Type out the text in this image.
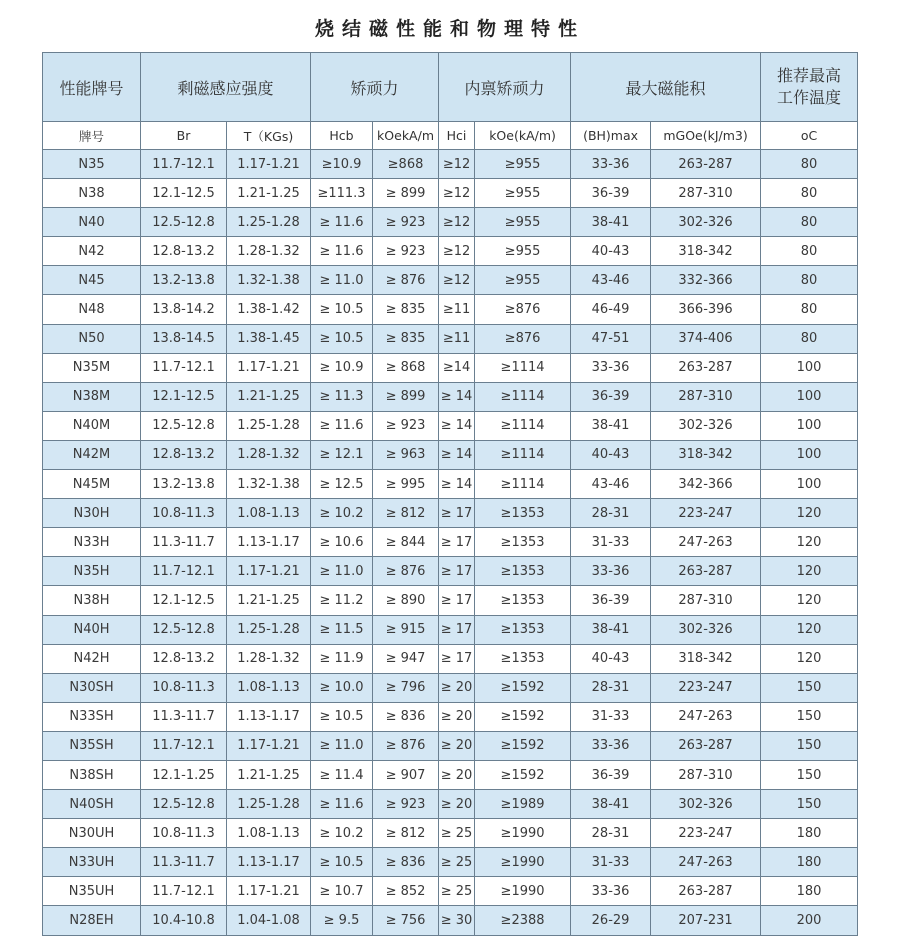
烧结磁性能和物理特性
性能牌号	剩磁感应强度		矫顽力		内禀矫顽力		最大磁能积		推荐最高
工作温度
牌号	Br	T（KGs)	Hcb	kOekA/m	Hci	kOe(kA/m)	(BH)max	mGOe(kJ/m3)	oC
N35	11.7-12.1	1.17-1.21	≥10.9	≥868	≥12	≥955	33-36	263-287	80
N38	12.1-12.5	1.21-1.25	≥111.3	≥ 899	≥12	≥955	36-39	287-310	80
N40	12.5-12.8	1.25-1.28	≥ 11.6	≥ 923	≥12	≥955	38-41	302-326	80
N42	12.8-13.2	1.28-1.32	≥ 11.6	≥ 923	≥12	≥955	40-43	318-342	80
N45	13.2-13.8	1.32-1.38	≥ 11.0	≥ 876	≥12	≥955	43-46	332-366	80
N48	13.8-14.2	1.38-1.42	≥ 10.5	≥ 835	≥11	≥876	46-49	366-396	80
N50	13.8-14.5	1.38-1.45	≥ 10.5	≥ 835	≥11	≥876	47-51	374-406	80
N35M	11.7-12.1	1.17-1.21	≥ 10.9	≥ 868	≥14	≥1114	33-36	263-287	100
N38M	12.1-12.5	1.21-1.25	≥ 11.3	≥ 899	≥ 14	≥1114	36-39	287-310	100
N40M	12.5-12.8	1.25-1.28	≥ 11.6	≥ 923	≥ 14	≥1114	38-41	302-326	100
N42M	12.8-13.2	1.28-1.32	≥ 12.1	≥ 963	≥ 14	≥1114	40-43	318-342	100
N45M	13.2-13.8	1.32-1.38	≥ 12.5	≥ 995	≥ 14	≥1114	43-46	342-366	100
N30H	10.8-11.3	1.08-1.13	≥ 10.2	≥ 812	≥ 17	≥1353	28-31	223-247	120
N33H	11.3-11.7	1.13-1.17	≥ 10.6	≥ 844	≥ 17	≥1353	31-33	247-263	120
N35H	11.7-12.1	1.17-1.21	≥ 11.0	≥ 876	≥ 17	≥1353	33-36	263-287	120
N38H	12.1-12.5	1.21-1.25	≥ 11.2	≥ 890	≥ 17	≥1353	36-39	287-310	120
N40H	12.5-12.8	1.25-1.28	≥ 11.5	≥ 915	≥ 17	≥1353	38-41	302-326	120
N42H	12.8-13.2	1.28-1.32	≥ 11.9	≥ 947	≥ 17	≥1353	40-43	318-342	120
N30SH	10.8-11.3	1.08-1.13	≥ 10.0	≥ 796	≥ 20	≥1592	28-31	223-247	150
N33SH	11.3-11.7	1.13-1.17	≥ 10.5	≥ 836	≥ 20	≥1592	31-33	247-263	150
N35SH	11.7-12.1	1.17-1.21	≥ 11.0	≥ 876	≥ 20	≥1592	33-36	263-287	150
N38SH	12.1-1.25	1.21-1.25	≥ 11.4	≥ 907	≥ 20	≥1592	36-39	287-310	150
N40SH	12.5-12.8	1.25-1.28	≥ 11.6	≥ 923	≥ 20	≥1989	38-41	302-326	150
N30UH	10.8-11.3	1.08-1.13	≥ 10.2	≥ 812	≥ 25	≥1990	28-31	223-247	180
N33UH	11.3-11.7	1.13-1.17	≥ 10.5	≥ 836	≥ 25	≥1990	31-33	247-263	180
N35UH	11.7-12.1	1.17-1.21	≥ 10.7	≥ 852	≥ 25	≥1990	33-36	263-287	180
N28EH	10.4-10.8	1.04-1.08	≥ 9.5	≥ 756	≥ 30	≥2388	26-29	207-231	200
